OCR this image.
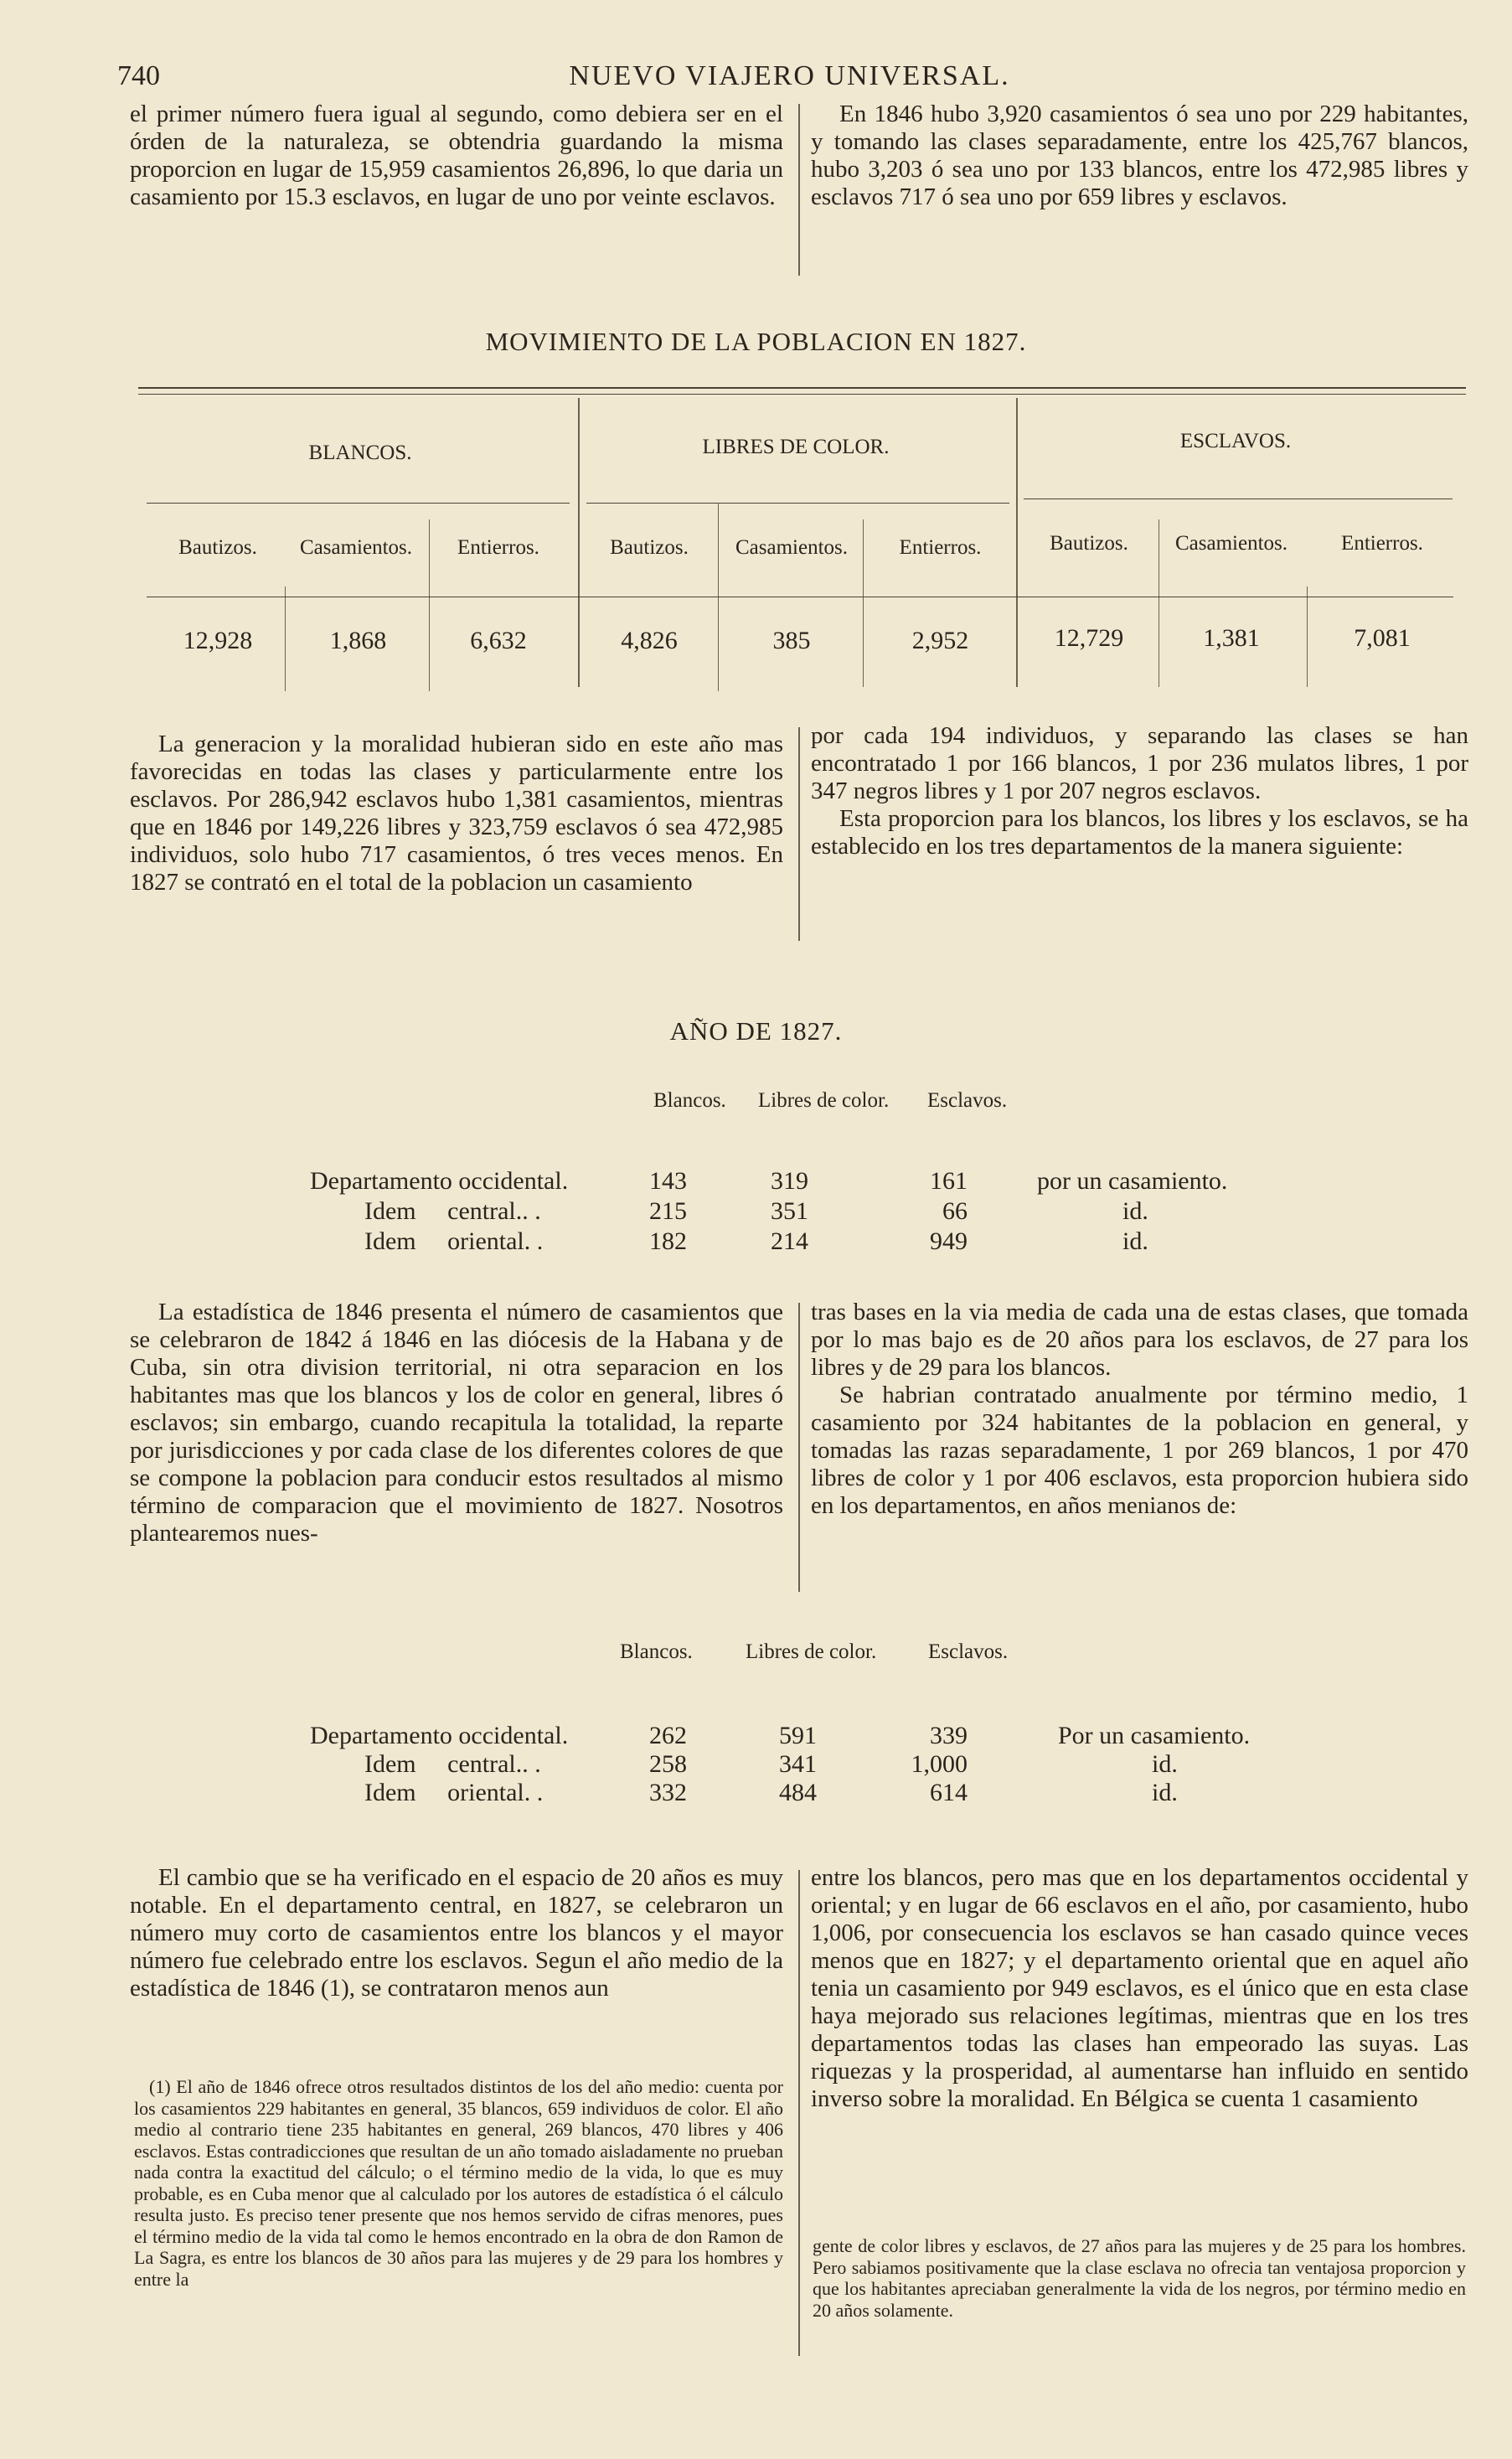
740	NUEVO VIAJERO UNIVERSAL.

el primer número fuera igual al segundo, como debiera ser en el órden de la naturaleza, se obtendria guardando la misma proporcion en lugar de 15,959 casamientos 26,896, lo que daria un casamiento por 15.3 esclavos, en lugar de uno por veinte esclavos.

En 1846 hubo 3,920 casamientos ó sea uno por 229 habitantes, y tomando las clases separadamente, entre los 425,767 blancos, hubo 3,203 ó sea uno por 133 blancos, entre los 472,985 libres y esclavos 717 ó sea uno por 659 libres y esclavos.

MOVIMIENTO DE LA POBLACION EN 1827.
BLANCOS.	LIBRES DE COLOR.	ESCLAVOS.
Bautizos.	Casamientos.	Entierros.	Bautizos.	Casamientos.	Entierros.	Bautizos.	Casamientos.	Entierros.
12,928	1,868	6,632	4,826	385	2,952	12,729	1,381	7,081

La generacion y la moralidad hubieran sido en este año mas favorecidas en todas las clases y particularmente entre los esclavos. Por 286,942 esclavos hubo 1,381 casamientos, mientras que en 1846 por 149,226 libres y 323,759 esclavos ó sea 472,985 individuos, solo hubo 717 casamientos, ó tres veces menos. En 1827 se contrató en el total de la poblacion un casamiento

por cada 194 individuos, y separando las clases se han encontratado 1 por 166 blancos, 1 por 236 mulatos libres, 1 por 347 negros libres y 1 por 207 negros esclavos.

Esta proporcion para los blancos, los libres y los esclavos, se ha establecido en los tres departamentos de la manera siguiente:

AÑO DE 1827.
Blancos. Libres de color. Esclavos.
Departamento occidental.	143	319	161	por un casamiento.
Idem     central.. .	215	351	66	id.
Idem     oriental. .	182	214	949	id.

La estadística de 1846 presenta el número de casamientos que se celebraron de 1842 á 1846 en las diócesis de la Habana y de Cuba, sin otra division territorial, ni otra separacion en los habitantes mas que los blancos y los de color en general, libres ó esclavos; sin embargo, cuando recapitula la totalidad, la reparte por jurisdicciones y por cada clase de los diferentes colores de que se compone la poblacion para conducir estos resultados al mismo término de comparacion que el movimiento de 1827. Nosotros plantearemos nues-

tras bases en la via media de cada una de estas clases, que tomada por lo mas bajo es de 20 años para los esclavos, de 27 para los libres y de 29 para los blancos.

Se habrian contratado anualmente por término medio, 1 casamiento por 324 habitantes de la poblacion en general, y tomadas las razas separadamente, 1 por 269 blancos, 1 por 470 libres de color y 1 por 406 esclavos, esta proporcion hubiera sido en los departamentos, en años menianos de:

Blancos.	Libres de color. Esclavos.
Departamento occidental.	262	591	339	Por un casamiento.
Idem     central.. .	258	341	1,000	id.
Idem     oriental. .	332	484	614	id.

El cambio que se ha verificado en el espacio de 20 años es muy notable. En el departamento central, en 1827, se celebraron un número muy corto de casamientos entre los blancos y el mayor número fue celebrado entre los esclavos. Segun el año medio de la estadística de 1846 (1), se contrataron menos aun

entre los blancos, pero mas que en los departamentos occidental y oriental; y en lugar de 66 esclavos en el año, por casamiento, hubo 1,006, por consecuencia los esclavos se han casado quince veces menos que en 1827; y el departamento oriental que en aquel año tenia un casamiento por 949 esclavos, es el único que en esta clase haya mejorado sus relaciones legítimas, mientras que en los tres departamentos todas las clases han empeorado las suyas. Las riquezas y la prosperidad, al aumentarse han influido en sentido inverso sobre la moralidad. En Bélgica se cuenta 1 casamiento

(1) El año de 1846 ofrece otros resultados distintos de los del año medio: cuenta por los casamientos 229 habitantes en general, 35 blancos, 659 individuos de color. El año medio al contrario tiene 235 habitantes en general, 269 blancos, 470 libres y 406 esclavos. Estas contradicciones que resultan de un año tomado aisladamente no prueban nada contra la exactitud del cálculo; o el término medio de la vida, lo que es muy probable, es en Cuba menor que al calculado por los autores de estadística ó el cálculo resulta justo. Es preciso tener presente que nos hemos servido de cifras menores, pues el término medio de la vida tal como le hemos encontrado en la obra de don Ramon de La Sagra, es entre los blancos de 30 años para las mujeres y de 29 para los hombres y entre la

gente de color libres y esclavos, de 27 años para las mujeres y de 25 para los hombres. Pero sabiamos positivamente que la clase esclava no ofrecia tan ventajosa proporcion y que los habitantes apreciaban generalmente la vida de los negros, por término medio en 20 años solamente.
